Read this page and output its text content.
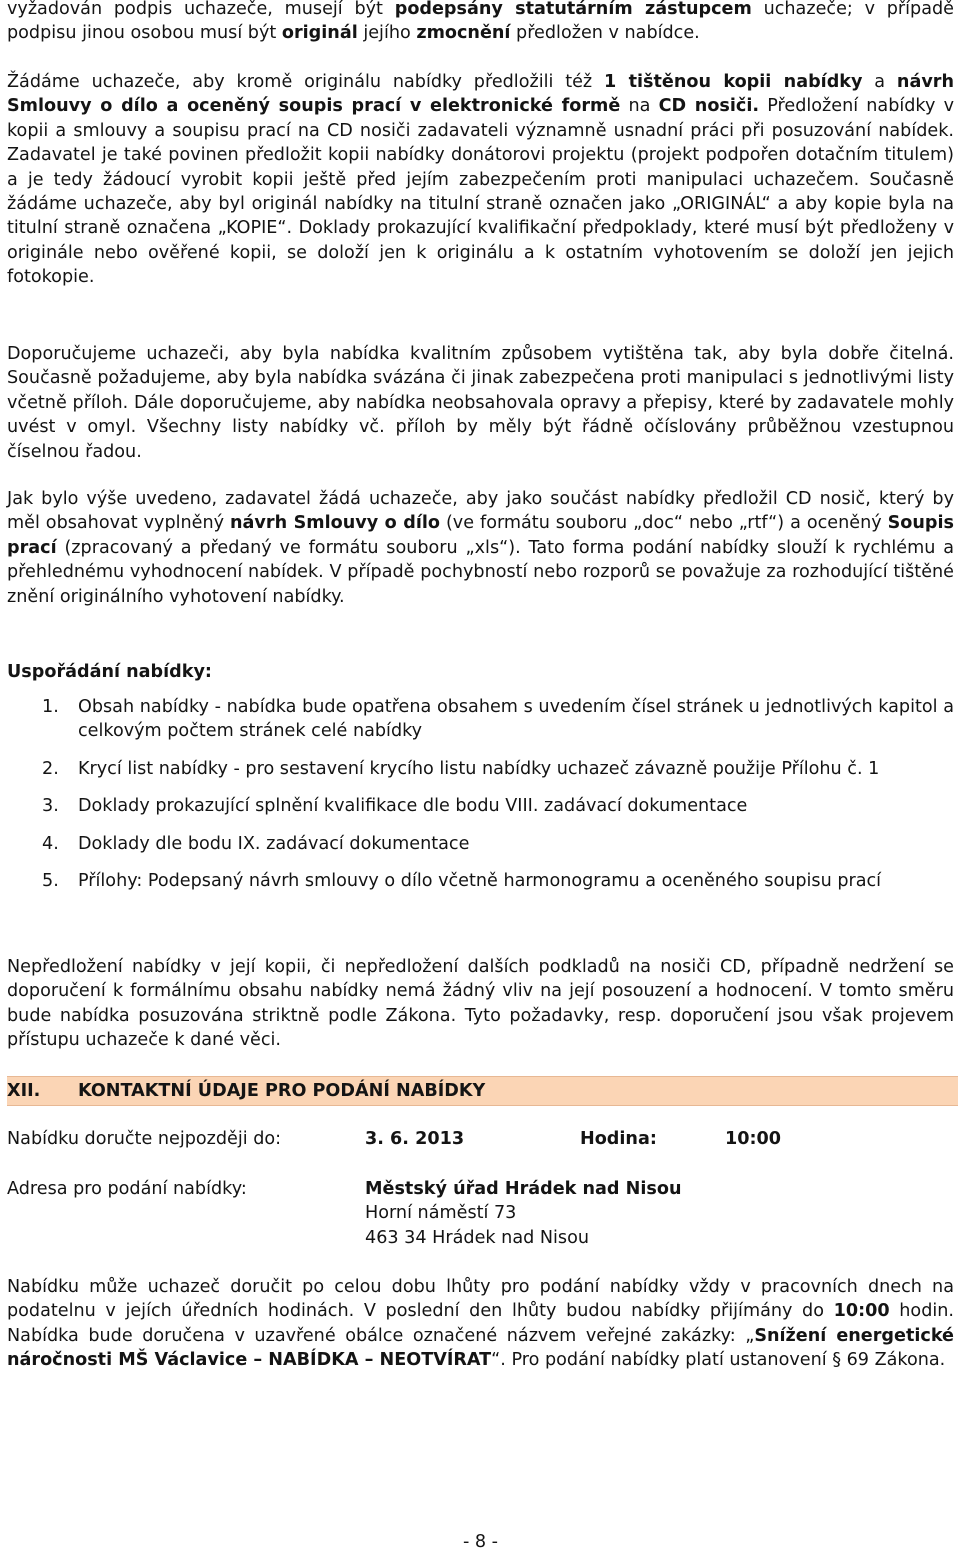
vyžadován podpis uchazeče, musejí být podepsány statutárním zástupcem uchazeče; v případě podpisu jinou osobou musí být originál jejího zmocnění předložen v nabídce.

Žádáme uchazeče, aby kromě originálu nabídky předložili též 1 tištěnou kopii nabídky a návrh Smlouvy o dílo a oceněný soupis prací v elektronické formě na CD nosiči. Předložení nabídky v kopii a smlouvy a soupisu prací na CD nosiči zadavateli významně usnadní práci při posuzování nabídek. Zadavatel je také povinen předložit kopii nabídky donátorovi projektu (projekt podpořen dotačním titulem) a je tedy žádoucí vyrobit kopii ještě před jejím zabezpečením proti manipulaci uchazečem. Současně žádáme uchazeče, aby byl originál nabídky na titulní straně označen jako „ORIGINÁL“ a aby kopie byla na titulní straně označena „KOPIE“. Doklady prokazující kvalifikační předpoklady, které musí být předloženy v originále nebo ověřené kopii, se doloží jen k originálu a k ostatním vyhotovením se doloží jen jejich fotokopie.

Doporučujeme uchazeči, aby byla nabídka kvalitním způsobem vytištěna tak, aby byla dobře čitelná. Současně požadujeme, aby byla nabídka svázána či jinak zabezpečena proti manipulaci s jednotlivými listy včetně příloh. Dále doporučujeme, aby nabídka neobsahovala opravy a přepisy, které by zadavatele mohly uvést v omyl. Všechny listy nabídky vč. příloh by měly být řádně očíslovány průběžnou vzestupnou číselnou řadou.

Jak bylo výše uvedeno, zadavatel žádá uchazeče, aby jako součást nabídky předložil CD nosič, který by měl obsahovat vyplněný návrh Smlouvy o dílo (ve formátu souboru „doc“ nebo „rtf“) a oceněný Soupis prací (zpracovaný a předaný ve formátu souboru „xls“). Tato forma podání nabídky slouží k rychlému a přehlednému vyhodnocení nabídek. V případě pochybností nebo rozporů se považuje za rozhodující tištěné znění originálního vyhotovení nabídky.

Uspořádání nabídky:

1. Obsah nabídky - nabídka bude opatřena obsahem s uvedením čísel stránek u jednotlivých kapitol a celkovým počtem stránek celé nabídky
2. Krycí list nabídky - pro sestavení krycího listu nabídky uchazeč závazně použije Přílohu č. 1
3. Doklady prokazující splnění kvalifikace dle bodu VIII. zadávací dokumentace
4. Doklady dle bodu IX. zadávací dokumentace
5. Přílohy: Podepsaný návrh smlouvy o dílo včetně harmonogramu a oceněného soupisu prací

Nepředložení nabídky v její kopii, či nepředložení dalších podkladů na nosiči CD, případně nedržení se doporučení k formálnímu obsahu nabídky nemá žádný vliv na její posouzení a hodnocení. V tomto směru bude nabídka posuzována striktně podle Zákona. Tyto požadavky, resp. doporučení jsou však projevem přístupu uchazeče k dané věci.

XII. KONTAKTNÍ ÚDAJE PRO PODÁNÍ NABÍDKY
Nabídku doručte nejpozději do:	3. 6. 2013	Hodina:	10:00
Adresa pro podání nabídky:	Městský úřad Hrádek nad Nisou
Horní náměstí 73
463 34 Hrádek nad Nisou

Nabídku může uchazeč doručit po celou dobu lhůty pro podání nabídky vždy v pracovních dnech na podatelnu v jejích úředních hodinách. V poslední den lhůty budou nabídky přijímány do 10:00 hodin. Nabídka bude doručena v uzavřené obálce označené názvem veřejné zakázky: „Snížení energetické náročnosti MŠ Václavice – NABÍDKA – NEOTVÍRAT“. Pro podání nabídky platí ustanovení § 69 Zákona.

- 8 -
